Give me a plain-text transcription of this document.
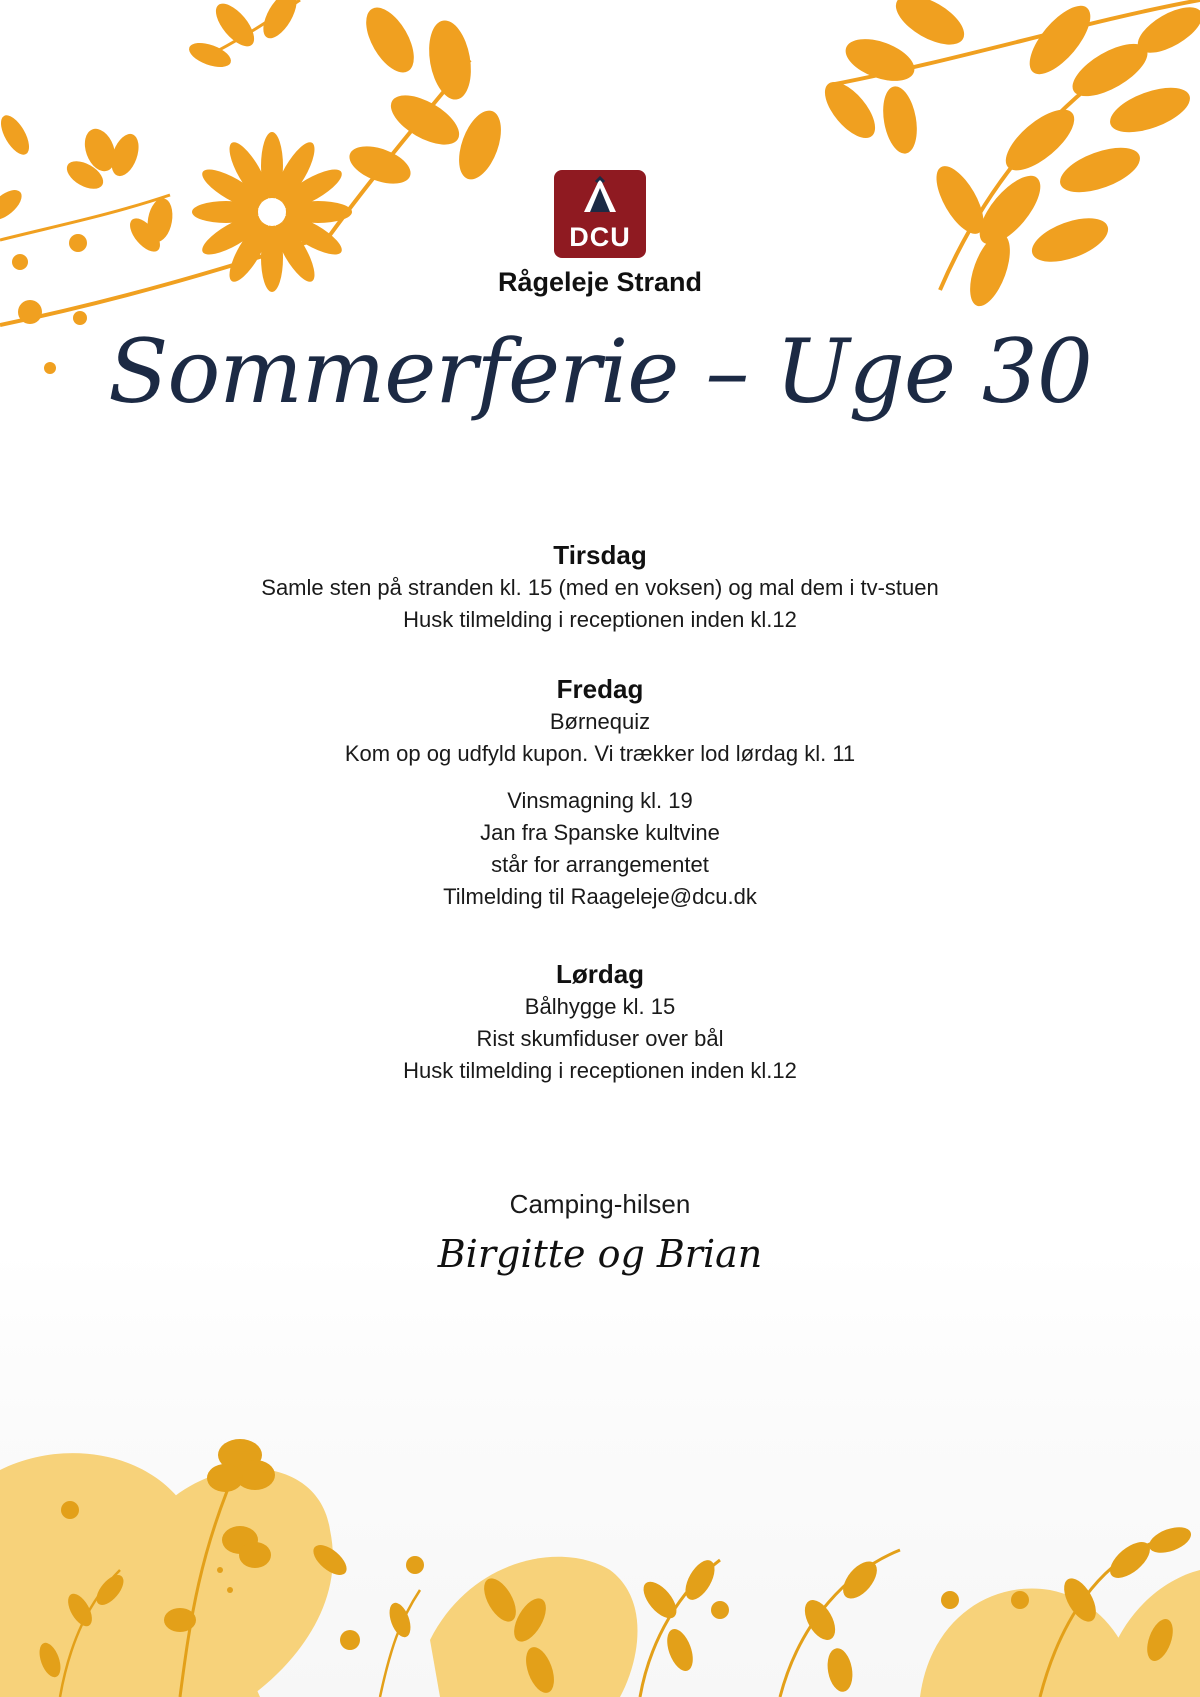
DCU
Rågeleje Strand
Sommerferie – Uge 30
Tirsdag
Samle sten på stranden kl. 15 (med en voksen) og mal dem i tv-stuen
Husk tilmelding i receptionen inden kl.12
Fredag
Børnequiz
Kom op og udfyld kupon. Vi trækker lod lørdag kl. 11
Vinsmagning kl. 19
Jan fra Spanske kultvine
står for arrangementet
Tilmelding til Raageleje@dcu.dk
Lørdag
Bålhygge kl. 15
Rist skumfiduser over bål
Husk tilmelding i receptionen inden kl.12
Camping-hilsen
Birgitte og Brian
